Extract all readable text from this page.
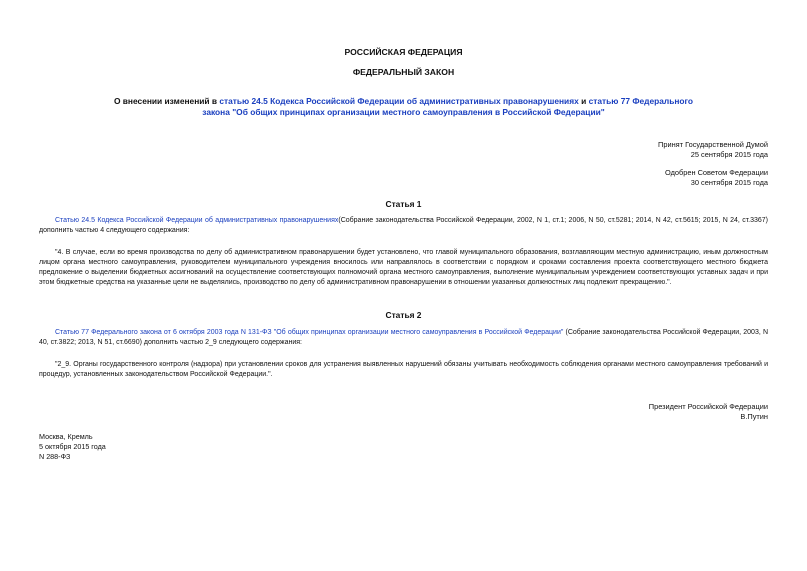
РОССИЙСКАЯ ФЕДЕРАЦИЯ
ФЕДЕРАЛЬНЫЙ ЗАКОН
О внесении изменений в статью 24.5 Кодекса Российской Федерации об административных правонарушениях и статью 77 Федерального закона "Об общих принципах организации местного самоуправления в Российской Федерации"
Принят Государственной Думой
25 сентября 2015 года
Одобрен Советом Федерации
30 сентября 2015 года
Статья 1
Статью 24.5 Кодекса Российской Федерации об административных правонарушениях(Собрание законодательства Российской Федерации, 2002, N 1, ст.1; 2006, N 50, ст.5281; 2014, N 42, ст.5615; 2015, N 24, ст.3367) дополнить частью 4 следующего содержания:
"4. В случае, если во время производства по делу об административном правонарушении будет установлено, что главой муниципального образования, возглавляющим местную администрацию, иным должностным лицом органа местного самоуправления, руководителем муниципального учреждения вносилось или направлялось в соответствии с порядком и сроками составления проекта соответствующего местного бюджета предложение о выделении бюджетных ассигнований на осуществление соответствующих полномочий органа местного самоуправления, выполнение муниципальным учреждением соответствующих уставных задач и при этом бюджетные средства на указанные цели не выделялись, производство по делу об административном правонарушении в отношении указанных должностных лиц подлежит прекращению.".
Статья 2
Статью 77 Федерального закона от 6 октября 2003 года N 131-ФЗ "Об общих принципах организации местного самоуправления в Российской Федерации" (Собрание законодательства Российской Федерации, 2003, N 40, ст.3822; 2013, N 51, ст.6690) дополнить частью 2_9 следующего содержания:
"2_9. Органы государственного контроля (надзора) при установлении сроков для устранения выявленных нарушений обязаны учитывать необходимость соблюдения органами местного самоуправления требований и процедур, установленных законодательством Российской Федерации.".
Президент Российской Федерации
В.Путин
Москва, Кремль
5 октября 2015 года
N 288-ФЗ
